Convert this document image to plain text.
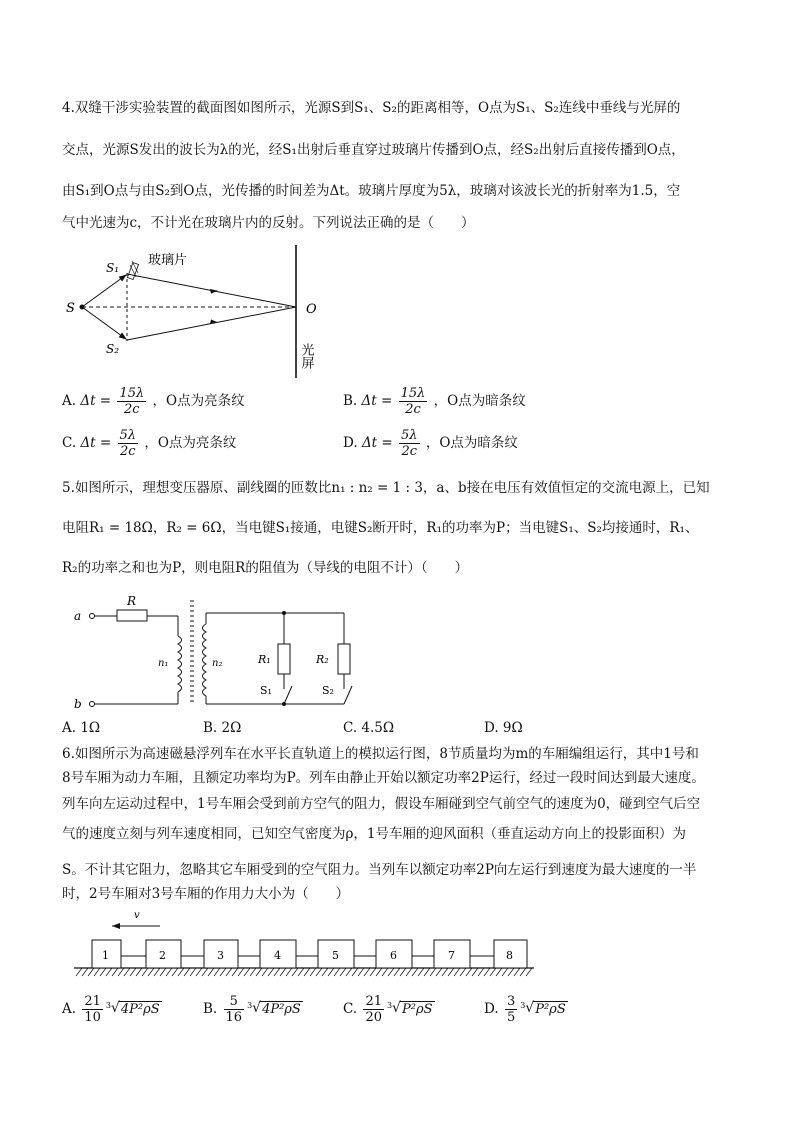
4.双缝干涉实验装置的截面图如图所示，光源S到S₁、S₂的距离相等，O点为S₁、S₂连线中垂线与光屏的
交点，光源S发出的波长为λ的光，经S₁出射后垂直穿过玻璃片传播到O点，经S₂出射后直接传播到O点，
由S₁到O点与由S₂到O点，光传播的时间差为Δt。玻璃片厚度为5λ，玻璃对该波长光的折射率为1.5，空
气中光速为c，不计光在玻璃片内的反射。下列说法正确的是（　　）
S
S₁
S₂
玻璃片
O
光屏
A. $\Delta t = \frac{15\lambda}{2c}$ ，O点为亮条纹	B. $\Delta t = \frac{15\lambda}{2c}$ ，O点为暗条纹
C. $\Delta t = \frac{5\lambda}{2c}$ ，O点为亮条纹	D. $\Delta t = \frac{5\lambda}{2c}$ ，O点为暗条纹
5.如图所示，理想变压器原、副线圈的匝数比n₁ : n₂ = 1 : 3，a、b接在电压有效值恒定的交流电源上，已知
电阻R₁ = 18Ω，R₂ = 6Ω，当电键S₁接通，电键S₂断开时，R₁的功率为P；当电键S₁、S₂均接通时，R₁、
R₂的功率之和也为P，则电阻R的阻值为（导线的电阻不计）（　　）
a
b
R
n₁	n₂	R₁	R₂
S₁	S₂
A. 1Ω	B. 2Ω	C. 4.5Ω	D. 9Ω
6.如图所示为高速磁悬浮列车在水平长直轨道上的模拟运行图，8节质量均为m的车厢编组运行，其中1号和
8号车厢为动力车厢，且额定功率均为P。列车由静止开始以额定功率2P运行，经过一段时间达到最大速度。
列车向左运动过程中，1号车厢会受到前方空气的阻力，假设车厢碰到空气前空气的速度为0，碰到空气后空
气的速度立刻与列车速度相同，已知空气密度为ρ，1号车厢的迎风面积（垂直运动方向上的投影面积）为
S。不计其它阻力，忽略其它车厢受到的空气阻力。当列车以额定功率2P向左运行到速度为最大速度的一半
时，2号车厢对3号车厢的作用力大小为（　　）
v
1	2	3	4	5	6	7	8
A. $\frac{21}{10} 3$ √ 4P²ρS	B. $\frac{5}{16} 3$ √ 4P²ρS	C. $\frac{21}{20} 3$ √ P²ρS	D. $\frac{3}{5} 3$ √ P²ρS
